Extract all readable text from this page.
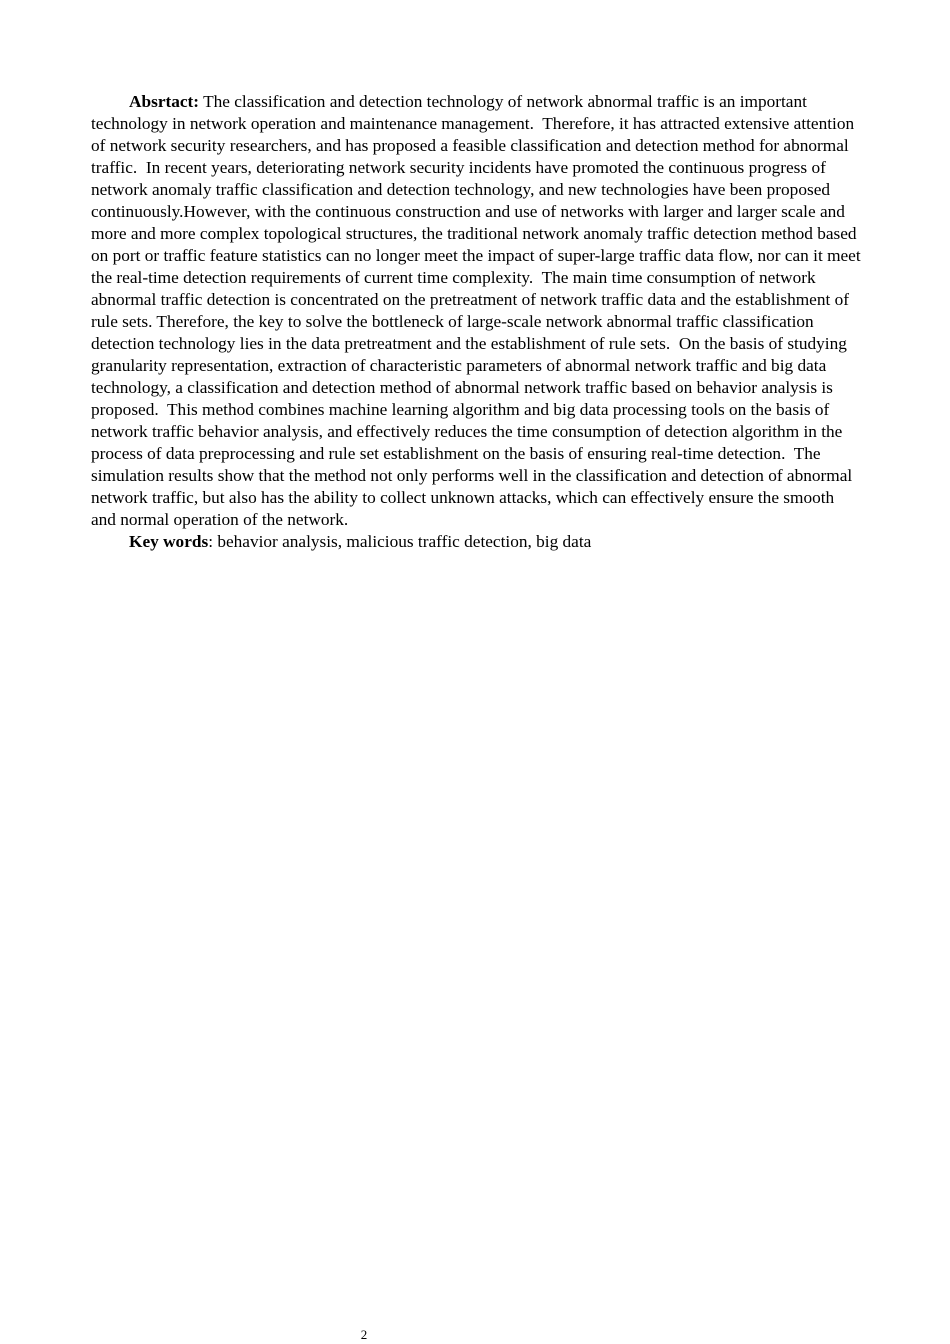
Absrtact: The classification and detection technology of network abnormal traffic is an important technology in network operation and maintenance management.  Therefore, it has attracted extensive attention of network security researchers, and has proposed a feasible classification and detection method for abnormal traffic.  In recent years, deteriorating network security incidents have promoted the continuous progress of network anomaly traffic classification and detection technology, and new technologies have been proposed continuously.However, with the continuous construction and use of networks with larger and larger scale and more and more complex topological structures, the traditional network anomaly traffic detection method based on port or traffic feature statistics can no longer meet the impact of super-large traffic data flow, nor can it meet the real-time detection requirements of current time complexity.  The main time consumption of network abnormal traffic detection is concentrated on the pretreatment of network traffic data and the establishment of rule sets. Therefore, the key to solve the bottleneck of large-scale network abnormal traffic classification detection technology lies in the data pretreatment and the establishment of rule sets.  On the basis of studying granularity representation, extraction of characteristic parameters of abnormal network traffic and big data technology, a classification and detection method of abnormal network traffic based on behavior analysis is proposed.  This method combines machine learning algorithm and big data processing tools on the basis of network traffic behavior analysis, and effectively reduces the time consumption of detection algorithm in the process of data preprocessing and rule set establishment on the basis of ensuring real-time detection.  The simulation results show that the method not only performs well in the classification and detection of abnormal network traffic, but also has the ability to collect unknown attacks, which can effectively ensure the smooth and normal operation of the network.

Key words: behavior analysis, malicious traffic detection, big data

2
